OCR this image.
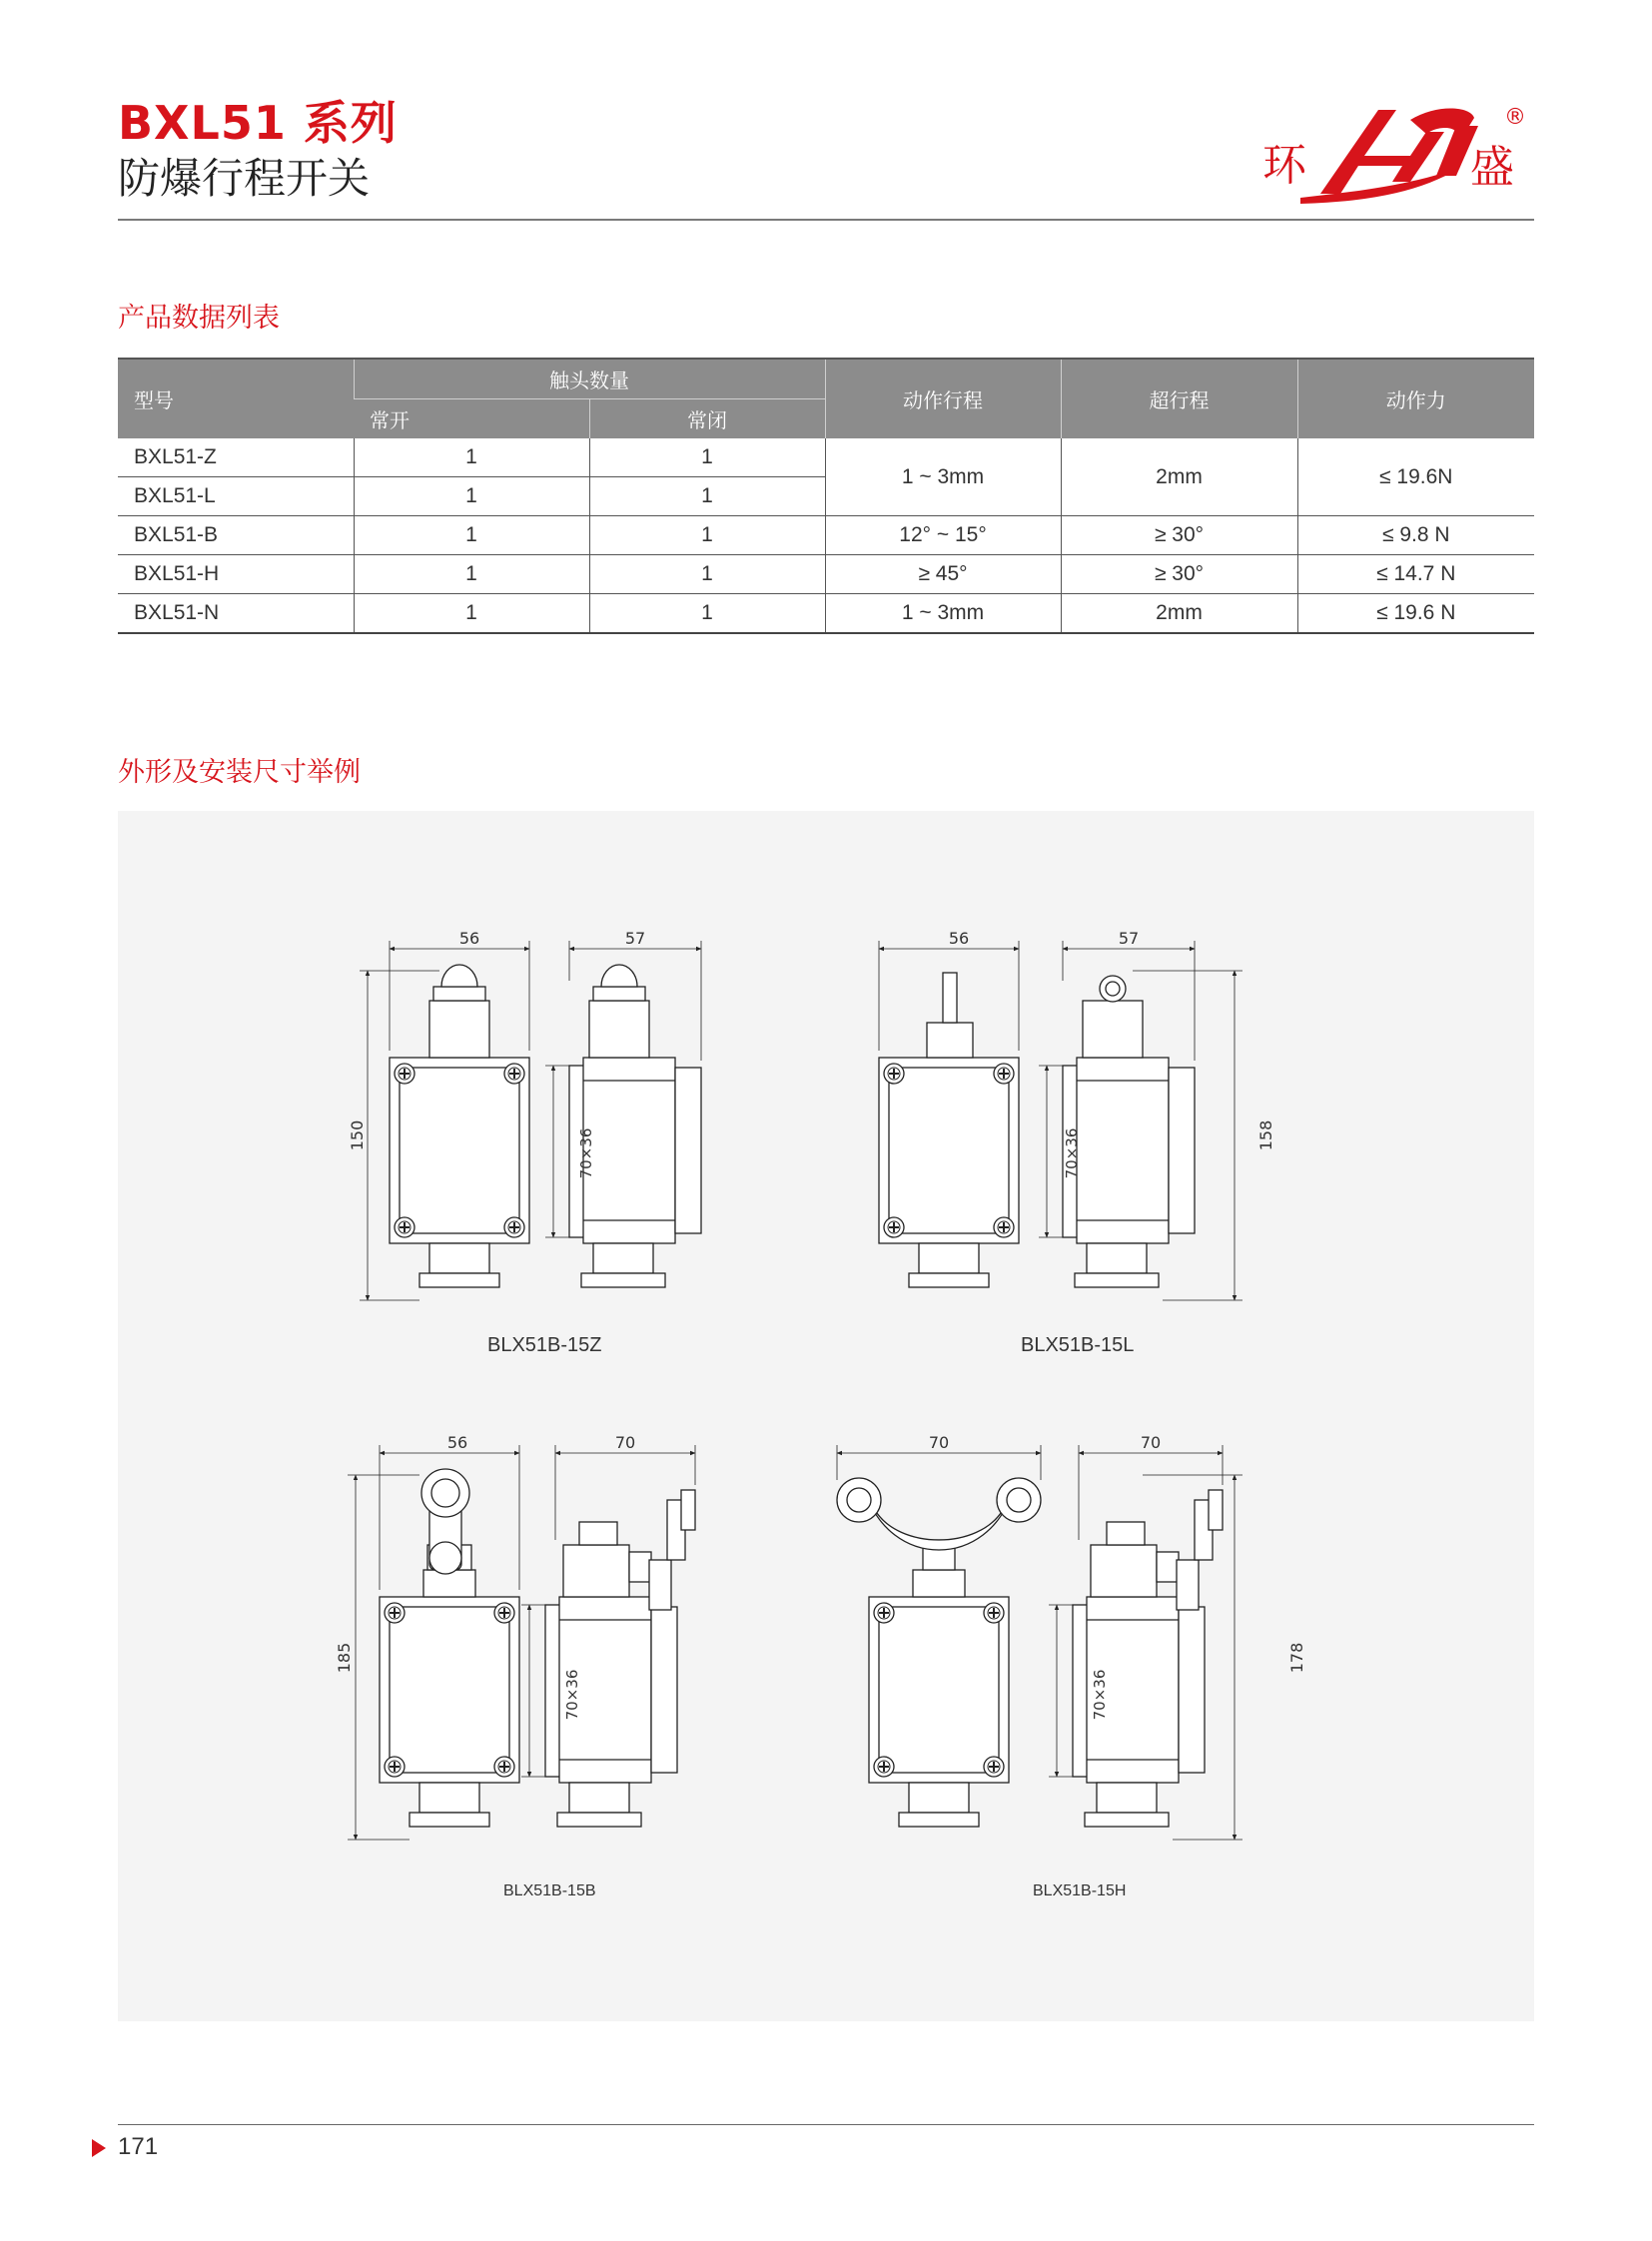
BXL51 系列
防爆行程开关	环	盛
®
产品数据列表
型号	触头数量		动作行程	超行程	动作力
	常开	常闭			
BXL51-Z	1	1	1 ~ 3mm	2mm	≤ 19.6N
BXL51-L	1	1			
BXL51-B	1	1	12° ~ 15°	≥ 30°	≤ 9.8 N
BXL51-H	1	1	≥ 45°	≥ 30°	≤ 14.7 N
BXL51-N	1	1	1 ~ 3mm	2mm	≤ 19.6 N
外形及安装尺寸举例
56
150
57
70×36
56	57
70×36	158
56
185
70
70×36
70	70
70×36
178
BLX51B-15Z	BLX51B-15L
BLX51B-15B	BLX51B-15H
171
